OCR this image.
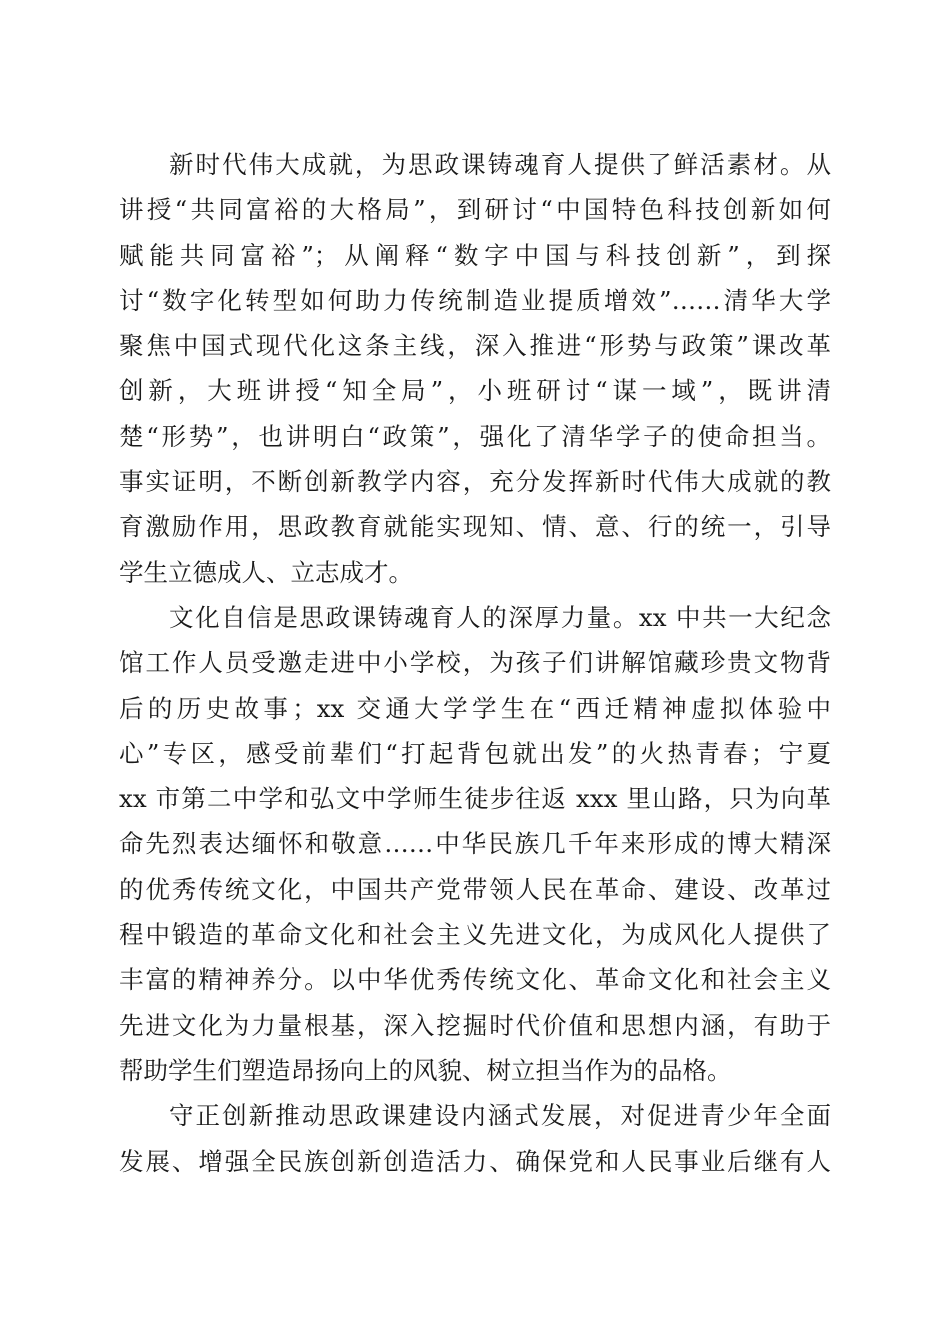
新时代伟大成就，为思政课铸魂育人提供了鲜活素材。从
讲授“共同富裕的大格局”，到研讨“中国特色科技创新如何
赋能共同富裕”；从阐释“数字中国与科技创新”，到探
讨“数字化转型如何助力传统制造业提质增效”……清华大学
聚焦中国式现代化这条主线，深入推进“形势与政策”课改革
创新，大班讲授“知全局”，小班研讨“谋一域”，既讲清
楚“形势”，也讲明白“政策”，强化了清华学子的使命担当。
事实证明，不断创新教学内容，充分发挥新时代伟大成就的教
育激励作用，思政教育就能实现知、情、意、行的统一，引导
学生立德成人、立志成才。
文化自信是思政课铸魂育人的深厚力量。xx 中共一大纪念
馆工作人员受邀走进中小学校，为孩子们讲解馆藏珍贵文物背
后的历史故事；xx 交通大学学生在“西迁精神虚拟体验中
心”专区，感受前辈们“打起背包就出发”的火热青春；宁夏
xx 市第二中学和弘文中学师生徒步往返 xxx 里山路，只为向革
命先烈表达缅怀和敬意……中华民族几千年来形成的博大精深
的优秀传统文化，中国共产党带领人民在革命、建设、改革过
程中锻造的革命文化和社会主义先进文化，为成风化人提供了
丰富的精神养分。以中华优秀传统文化、革命文化和社会主义
先进文化为力量根基，深入挖掘时代价值和思想内涵，有助于
帮助学生们塑造昂扬向上的风貌、树立担当作为的品格。
守正创新推动思政课建设内涵式发展，对促进青少年全面
发展、增强全民族创新创造活力、确保党和人民事业后继有人
